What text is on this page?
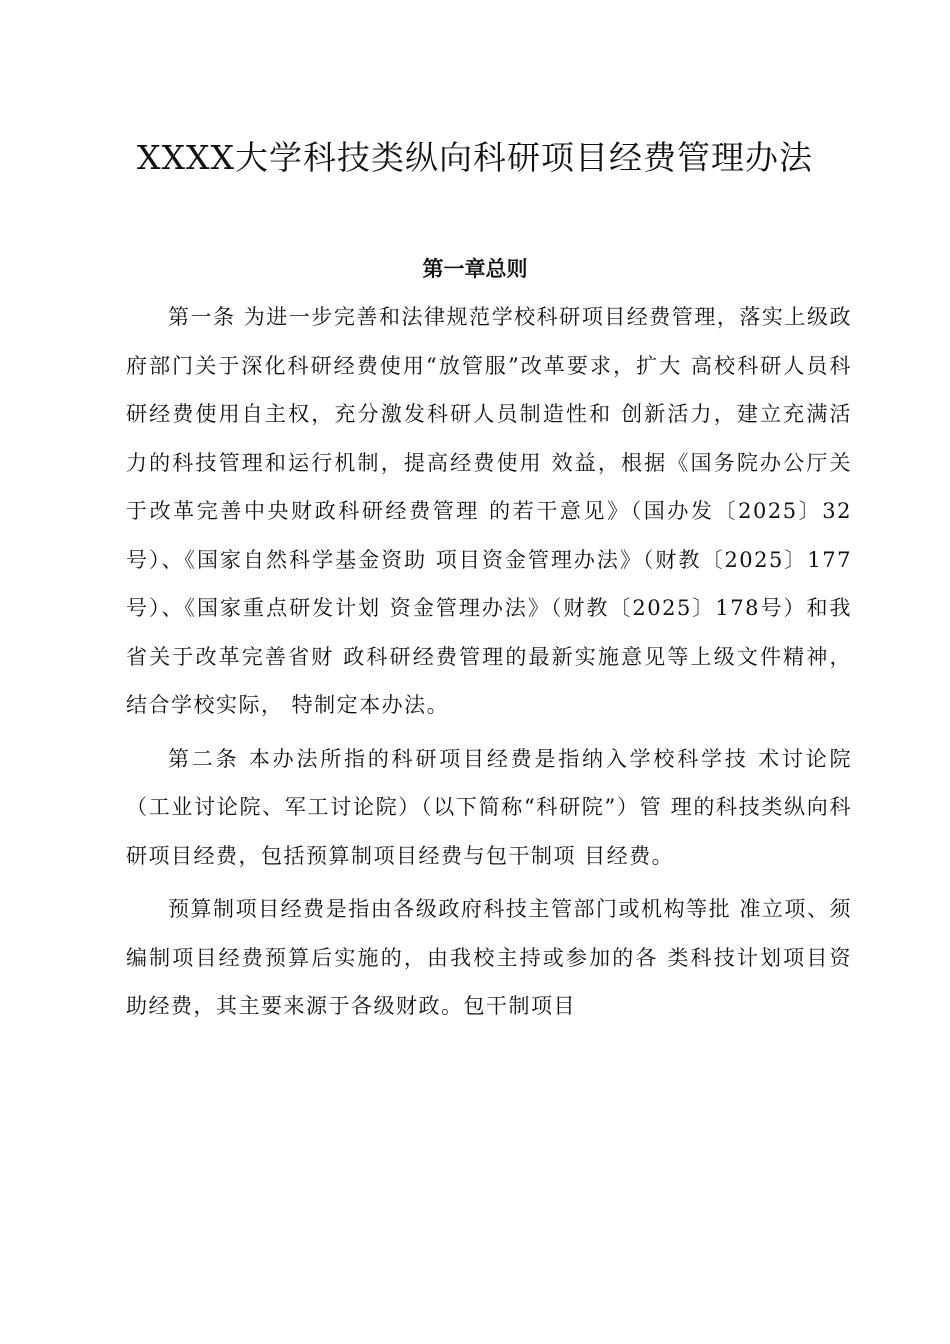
XXXX大学科技类纵向科研项目经费管理办法
第一章总则

第一条 为进一步完善和法律规范学校科研项目经费管理，落实上级政府部门关于深化科研经费使用“放管服”改革要求，扩大 高校科研人员科研经费使用自主权，充分激发科研人员制造性和 创新活力，建立充满活力的科技管理和运行机制，提高经费使用 效益，根据《国务院办公厅关于改革完善中央财政科研经费管理 的若干意见》（国办发〔2025〕32号）、《国家自然科学基金资助 项目资金管理办法》（财教〔2025〕177号）、《国家重点研发计划 资金管理办法》（财教〔2025〕178号）和我省关于改革完善省财 政科研经费管理的最新实施意见等上级文件精神，结合学校实际， 特制定本办法。

第二条 本办法所指的科研项目经费是指纳入学校科学技 术讨论院（工业讨论院、军工讨论院）（以下简称“科研院”）管 理的科技类纵向科研项目经费，包括预算制项目经费与包干制项 目经费。

预算制项目经费是指由各级政府科技主管部门或机构等批 准立项、须编制项目经费预算后实施的，由我校主持或参加的各 类科技计划项目资助经费，其主要来源于各级财政。包干制项目
